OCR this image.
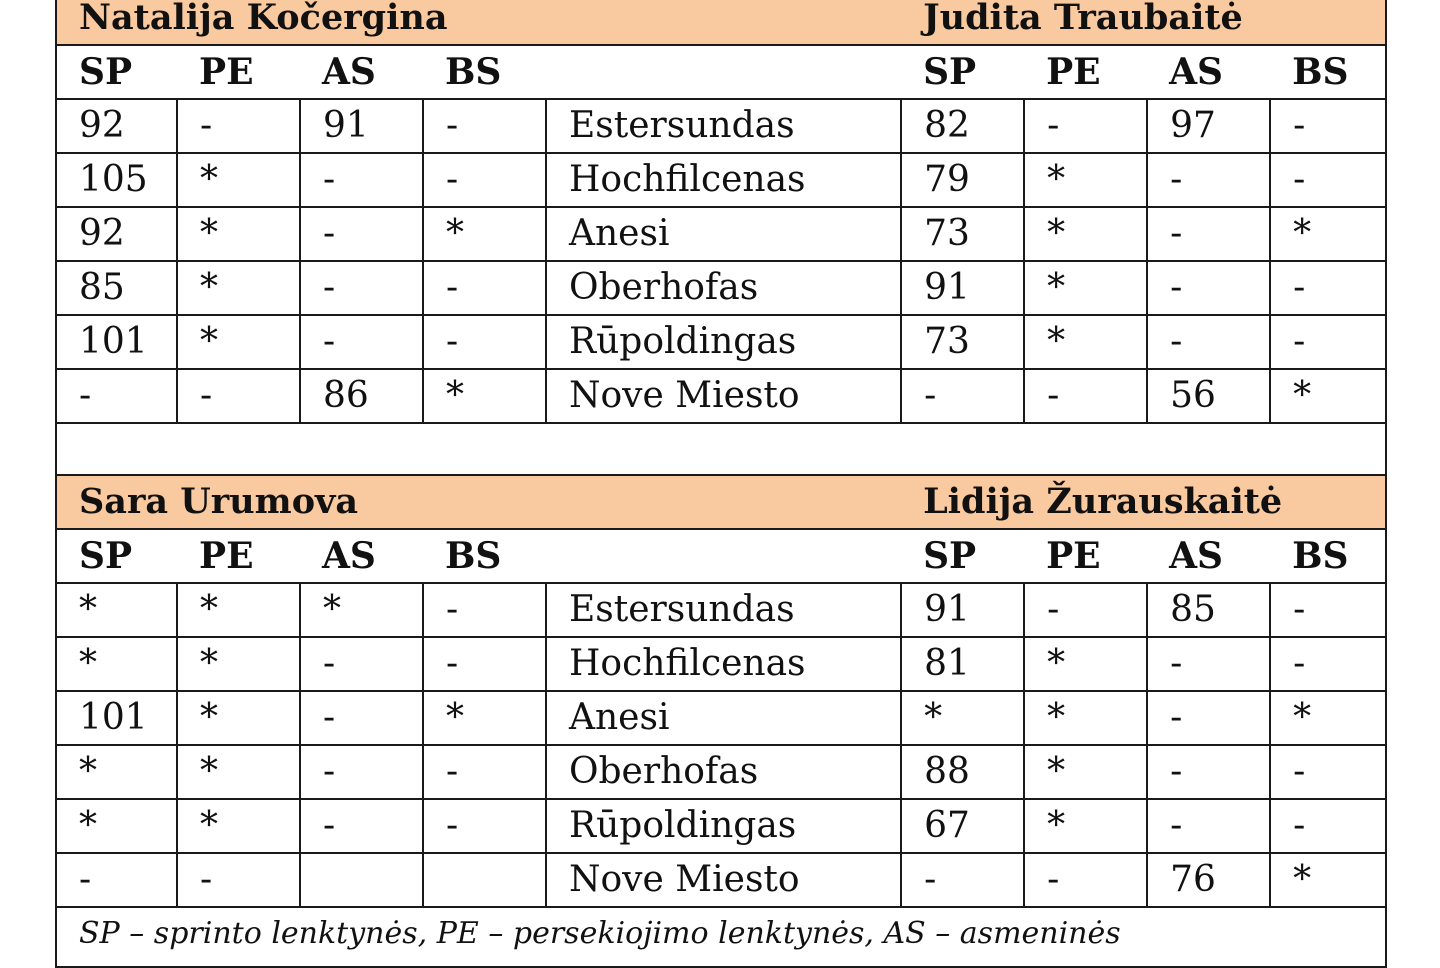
Natalija Kočergina					Judita Traubaitė			
SP	PE	AS	BS		SP	PE	AS	BS
92	-	91	-	Estersundas	82	-	97	-
105	*	-	-	Hochfilcenas	79	*	-	-
92	*	-	*	Anesi	73	*	-	*
85	*	-	-	Oberhofas	91	*	-	-
101	*	-	-	Rūpoldingas	73	*	-	-
-	-	86	*	Nove Miesto	-	-	56	*

Sara Urumova					Lidija Žurauskaitė			
SP	PE	AS	BS		SP	PE	AS	BS
*	*	*	-	Estersundas	91	-	85	-
*	*	-	-	Hochfilcenas	81	*	-	-
101	*	-	*	Anesi	*	*	-	*
*	*	-	-	Oberhofas	88	*	-	-
*	*	-	-	Rūpoldingas	67	*	-	-
-	-			Nove Miesto	-	-	76	*
SP – sprinto lenktynės, PE – persekiojimo lenktynės, AS – asmeninės								
